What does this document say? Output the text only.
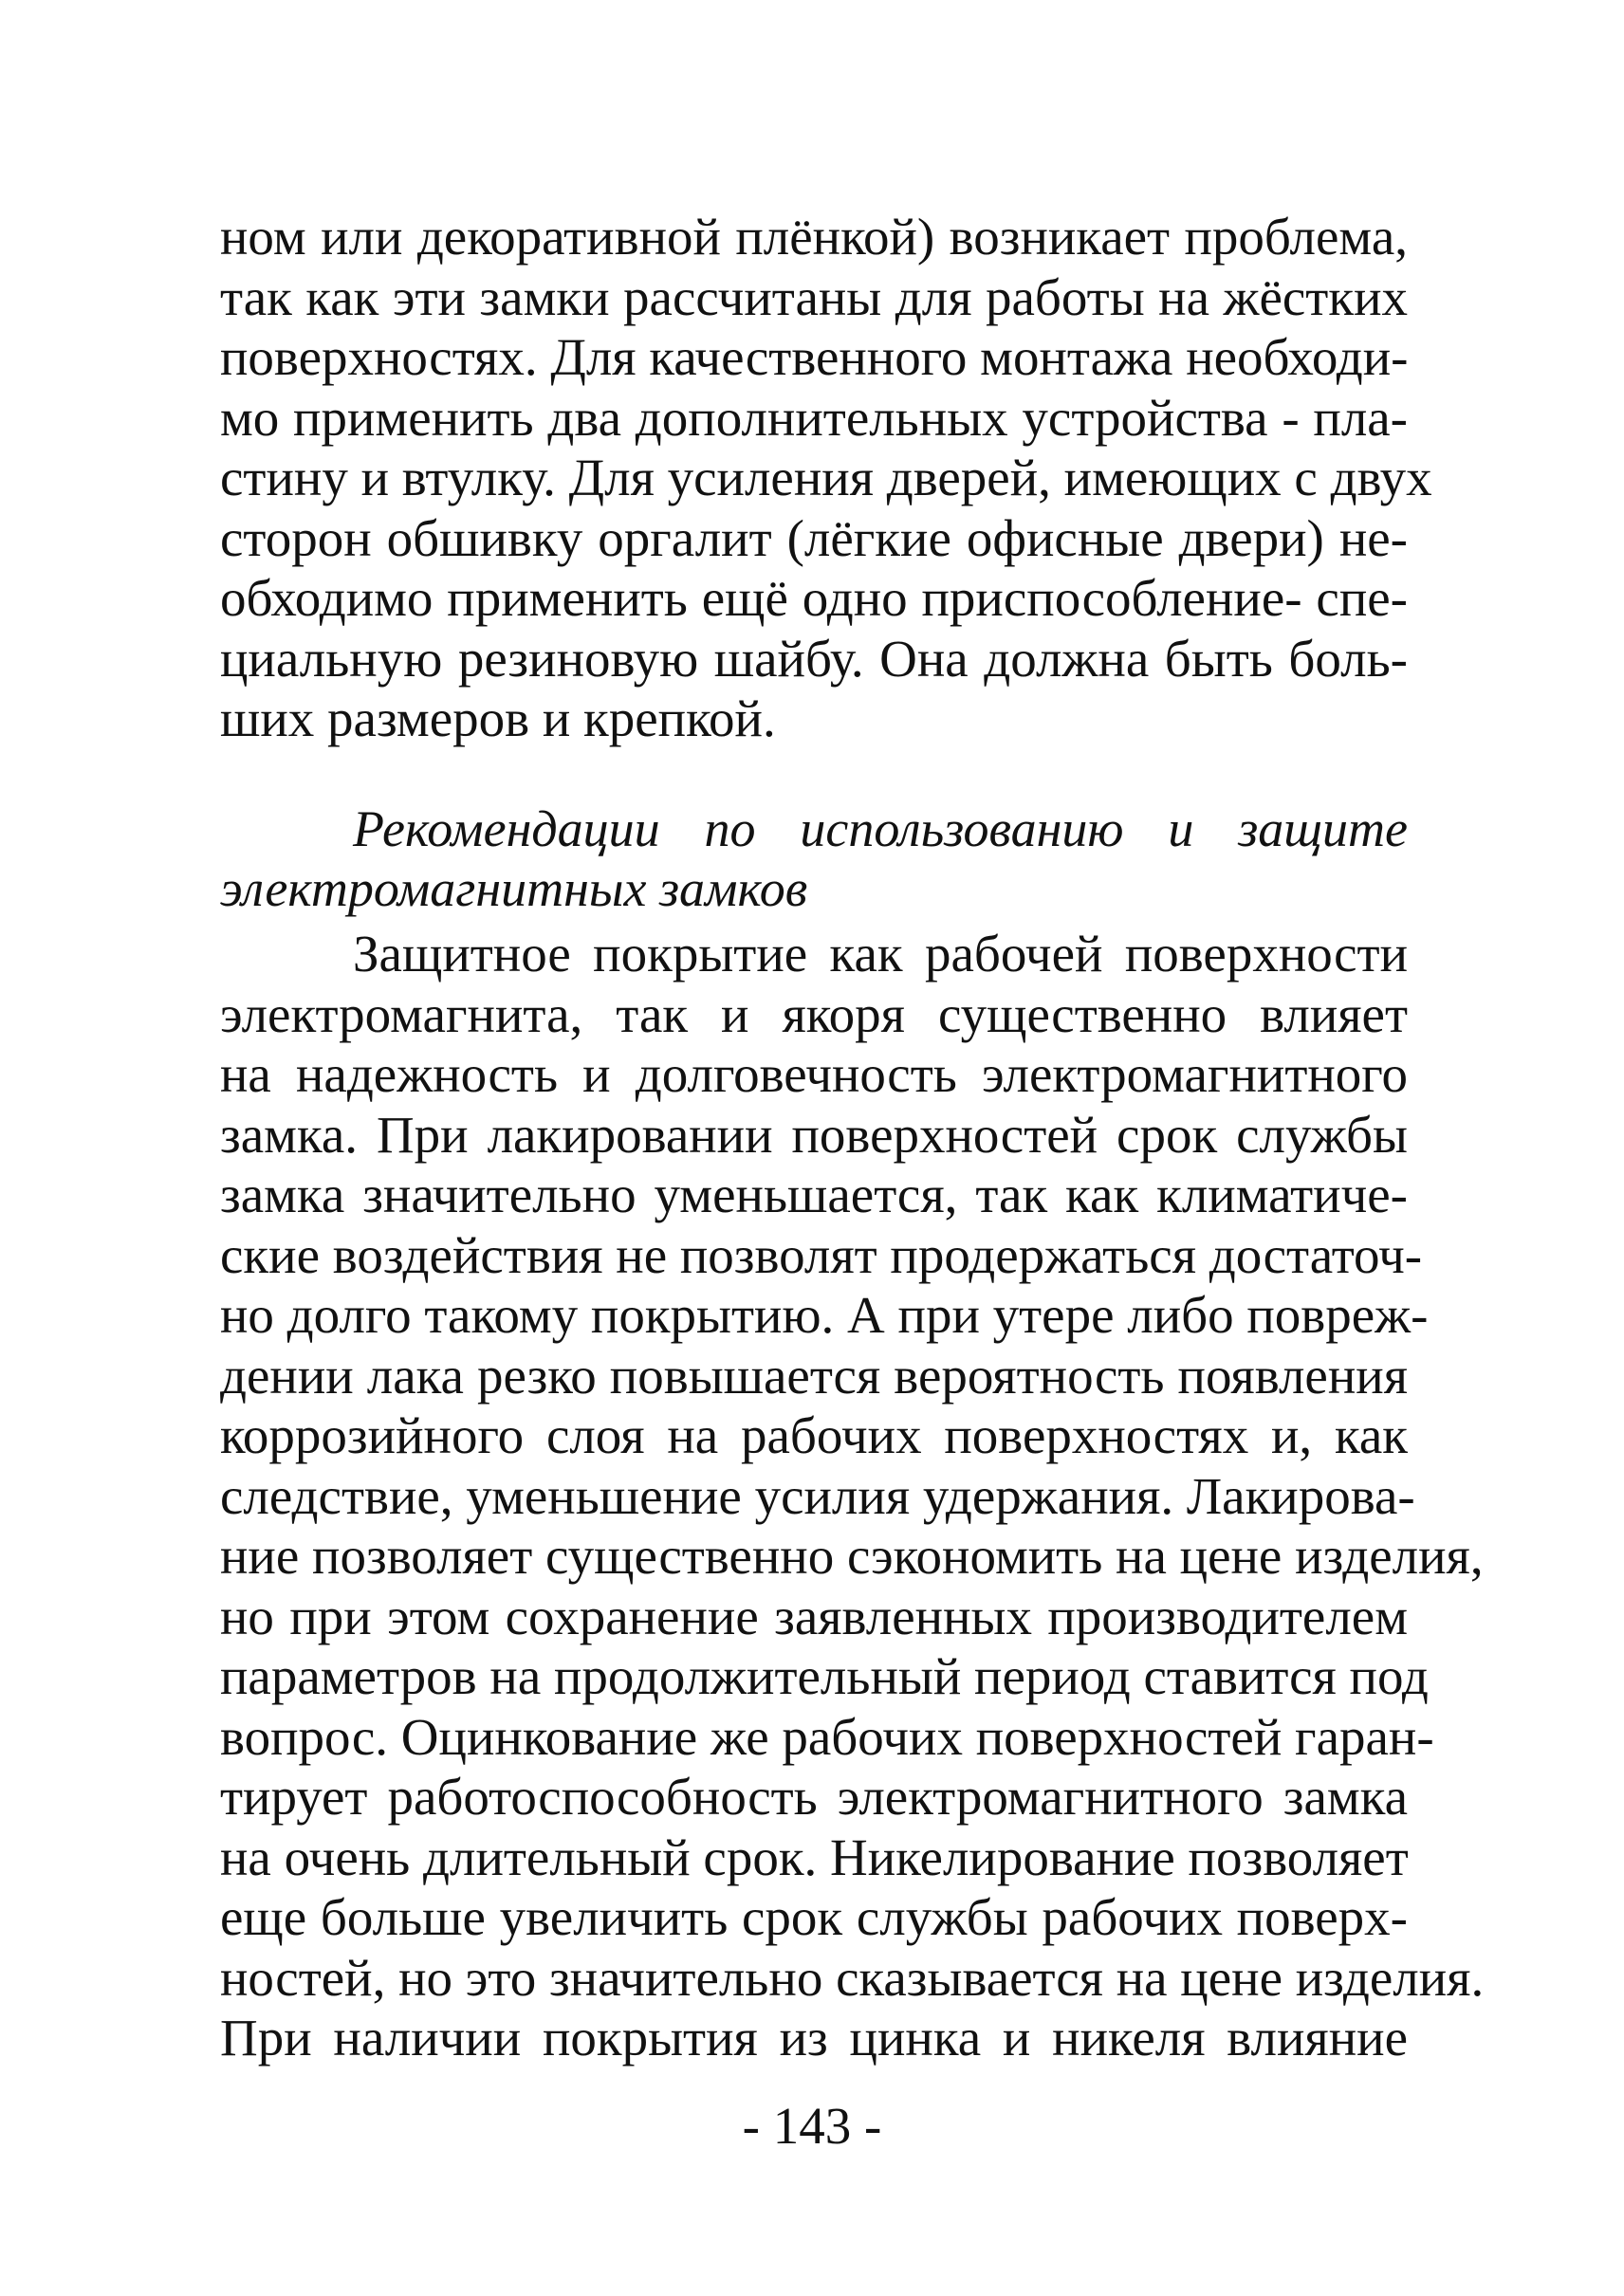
ном или декоративной плёнкой) возникает проблема,
так как эти замки рассчитаны для работы на жёстких
поверхностях. Для качественного монтажа необходи-
мо применить два дополнительных устройства - пла-
стину и втулку. Для усиления дверей, имеющих с двух
сторон обшивку оргалит (лёгкие офисные двери) не-
обходимо применить ещё одно приспособление- спе-
циальную резиновую шайбу. Она должна быть боль-
ших размеров и крепкой.
Рекомендации по использованию и защите
электромагнитных замков
Защитное покрытие как рабочей поверхности
электромагнита, так и якоря существенно влияет
на надежность и долговечность электромагнитного
замка. При лакировании поверхностей срок службы
замка значительно уменьшается, так как климатиче-
ские воздействия не позволят продержаться достаточ-
но долго такому покрытию. А при утере либо повреж-
дении лака резко повышается вероятность появления
коррозийного слоя на рабочих поверхностях и, как
следствие, уменьшение усилия удержания. Лакирова-
ние позволяет существенно сэкономить на цене изделия,
но при этом сохранение заявленных производителем
параметров на продолжительный период ставится под
вопрос. Оцинкование же рабочих поверхностей гаран-
тирует работоспособность электромагнитного замка
на очень длительный срок. Никелирование позволяет
еще больше увеличить срок службы рабочих поверх-
ностей, но это значительно сказывается на цене изделия.
При наличии покрытия из цинка и никеля влияние
- 143 -
